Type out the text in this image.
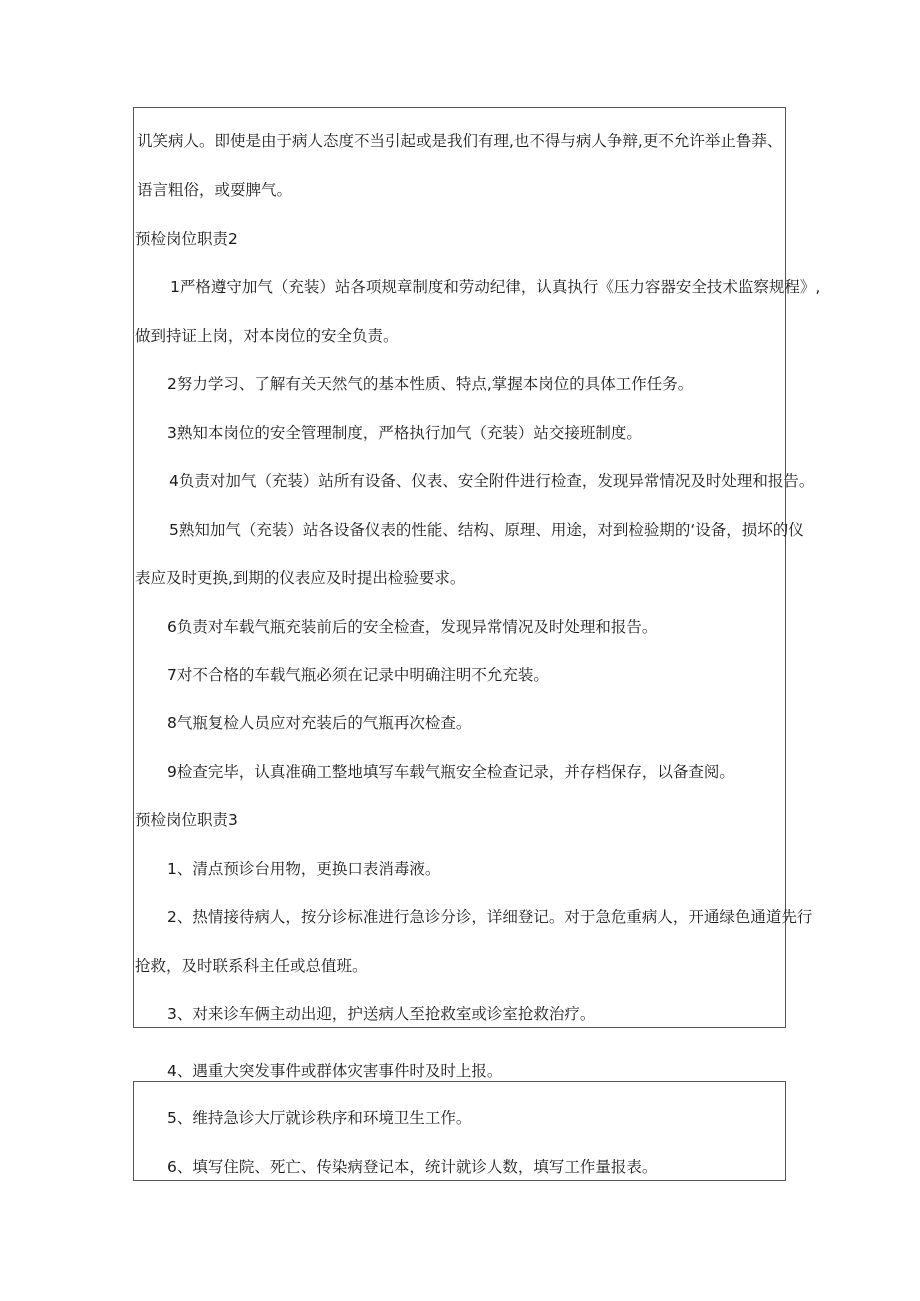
讥笑病人。即使是由于病人态度不当引起或是我们有理,也不得与病人争辩,更不允许举止鲁莽、
语言粗俗，或耍脾气。
预检岗位职责2
1严格遵守加气（充装）站各项规章制度和劳动纪律，认真执行《压力容器安全技术监察规程》,
做到持证上岗，对本岗位的安全负责。
2努力学习、了解有关天然气的基本性质、特点,掌握本岗位的具体工作任务。
3熟知本岗位的安全管理制度，严格执行加气（充装）站交接班制度。
4负责对加气（充装）站所有设备、仪表、安全附件进行检查，发现异常情况及时处理和报告。
5熟知加气（充装）站各设备仪表的性能、结构、原理、用途，对到检验期的‘设备，损坏的仪
表应及时更换,到期的仪表应及时提出检验要求。
6负责对车载气瓶充装前后的安全检查，发现异常情况及时处理和报告。
7对不合格的车载气瓶必须在记录中明确注明不允充装。
8气瓶复检人员应对充装后的气瓶再次检查。
9检查完毕，认真准确工整地填写车载气瓶安全检查记录，并存档保存，以备查阅。
预检岗位职责3
1、清点预诊台用物，更换口表消毒液。
2、热情接待病人，按分诊标准进行急诊分诊，详细登记。对于急危重病人，开通绿色通道先行
抢救，及时联系科主任或总值班。
3、对来诊车俩主动出迎，护送病人至抢救室或诊室抢救治疗。
4、遇重大突发事件或群体灾害事件时及时上报。
5、维持急诊大厅就诊秩序和环境卫生工作。
6、填写住院、死亡、传染病登记本，统计就诊人数，填写工作量报表。
